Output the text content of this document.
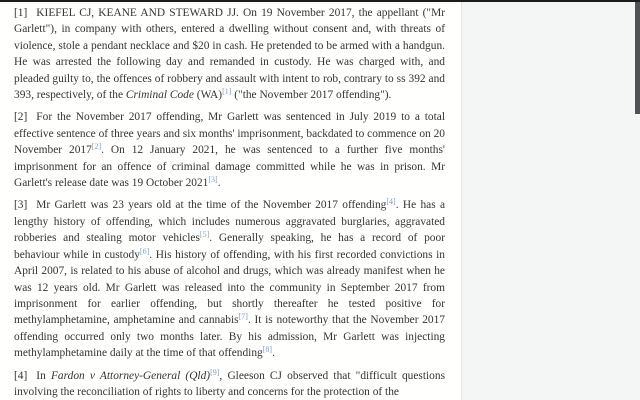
[1] KIEFEL CJ, KEANE AND STEWARD JJ. On 19 November 2017, the appellant ("Mr Garlett"), in company with others, entered a dwelling without consent and, with threats of violence, stole a pendant necklace and $20 in cash. He pretended to be armed with a handgun. He was arrested the following day and remanded in custody. He was charged with, and pleaded guilty to, the offences of robbery and assault with intent to rob, contrary to ss 392 and 393, respectively, of the Criminal Code (WA)[1] ("the November 2017 offending").

[2] For the November 2017 offending, Mr Garlett was sentenced in July 2019 to a total effective sentence of three years and six months' imprisonment, backdated to commence on 20 November 2017[2]. On 12 January 2021, he was sentenced to a further five months' imprisonment for an offence of criminal damage committed while he was in prison. Mr Garlett's release date was 19 October 2021[3].

[3] Mr Garlett was 23 years old at the time of the November 2017 offending[4]. He has a lengthy history of offending, which includes numerous aggravated burglaries, aggravated robberies and stealing motor vehicles[5]. Generally speaking, he has a record of poor behaviour while in custody[6]. His history of offending, with his first recorded convictions in April 2007, is related to his abuse of alcohol and drugs, which was already manifest when he was 12 years old. Mr Garlett was released into the community in September 2017 from imprisonment for earlier offending, but shortly thereafter he tested positive for methylamphetamine, amphetamine and cannabis[7]. It is noteworthy that the November 2017 offending occurred only two months later. By his admission, Mr Garlett was injecting methylamphetamine daily at the time of that offending[8].

[4] In Fardon v Attorney-General (Qld)[9], Gleeson CJ observed that "difficult questions involving the reconciliation of rights to liberty and concerns for the protection of the
